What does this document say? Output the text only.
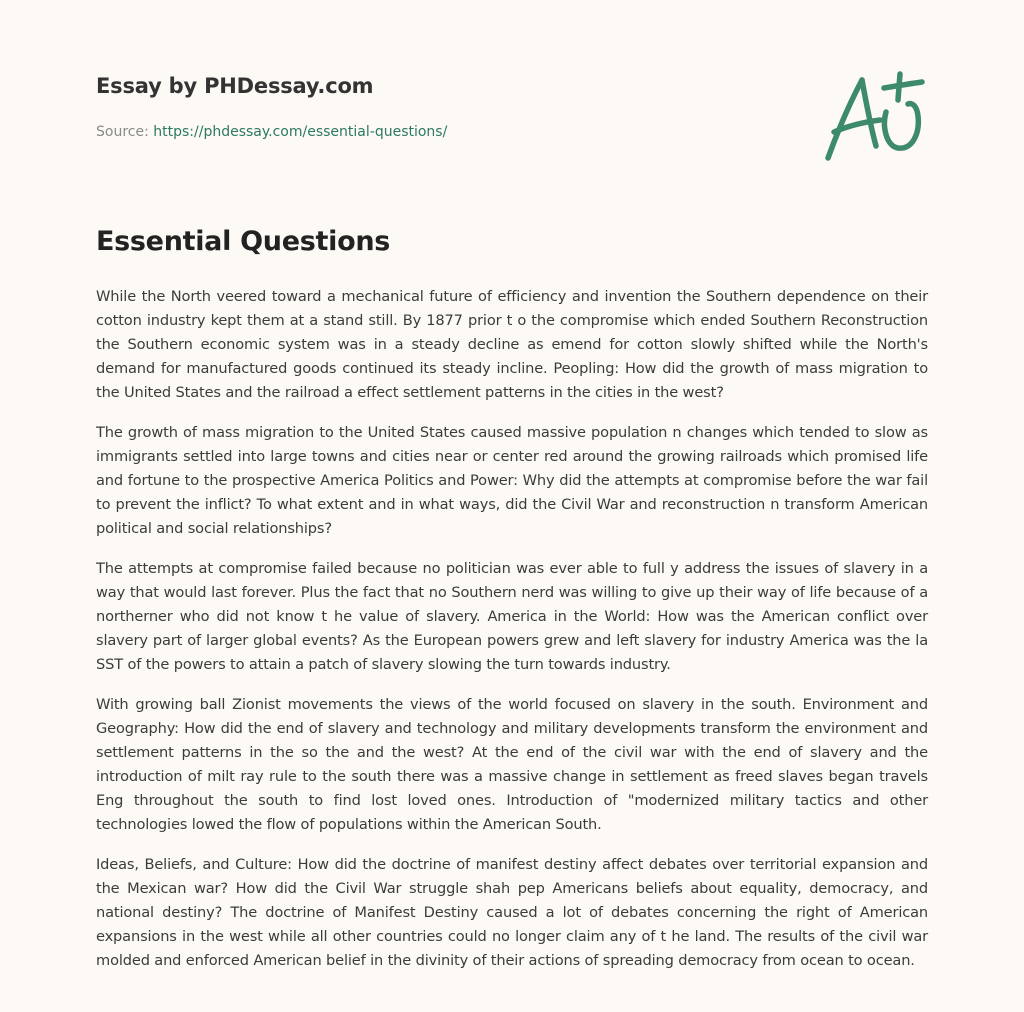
Essay by PHDessay.com
Source: https://phdessay.com/essential-questions/
Essential Questions

While the North veered toward a mechanical future of efficiency and invention the Southern dependence on their cotton industry kept them at a stand still. By 1877 prior t o the compromise which ended Southern Reconstruction the Southern economic system was in a steady decline as emend for cotton slowly shifted while the North's demand for manufactured goods continued its steady incline. Peopling: How did the growth of mass migration to the United States and the railroad a effect settlement patterns in the cities in the west?

The growth of mass migration to the United States caused massive population n changes which tended to slow as immigrants settled into large towns and cities near or center red around the growing railroads which promised life and fortune to the prospective America Politics and Power: Why did the attempts at compromise before the war fail to prevent the inflict? To what extent and in what ways, did the Civil War and reconstruction n transform American political and social relationships?

The attempts at compromise failed because no politician was ever able to full y address the issues of slavery in a way that would last forever. Plus the fact that no Southern nerd was willing to give up their way of life because of a northerner who did not know t he value of slavery. America in the World: How was the American conflict over slavery part of larger global events? As the European powers grew and left slavery for industry America was the la SST of the powers to attain a patch of slavery slowing the turn towards industry.

With growing ball Zionist movements the views of the world focused on slavery in the south. Environment and Geography: How did the end of slavery and technology and military developments transform the environment and settlement patterns in the so the and the west? At the end of the civil war with the end of slavery and the introduction of milt ray rule to the south there was a massive change in settlement as freed slaves began travels Eng throughout the south to find lost loved ones. Introduction of "modernized military tactics and other technologies lowed the flow of populations within the American South.

Ideas, Beliefs, and Culture: How did the doctrine of manifest destiny affect debates over territorial expansion and the Mexican war? How did the Civil War struggle shah pep Americans beliefs about equality, democracy, and national destiny? The doctrine of Manifest Destiny caused a lot of debates concerning the right of American expansions in the west while all other countries could no longer claim any of t he land. The results of the civil war molded and enforced American belief in the divinity of their actions of spreading democracy from ocean to ocean.
